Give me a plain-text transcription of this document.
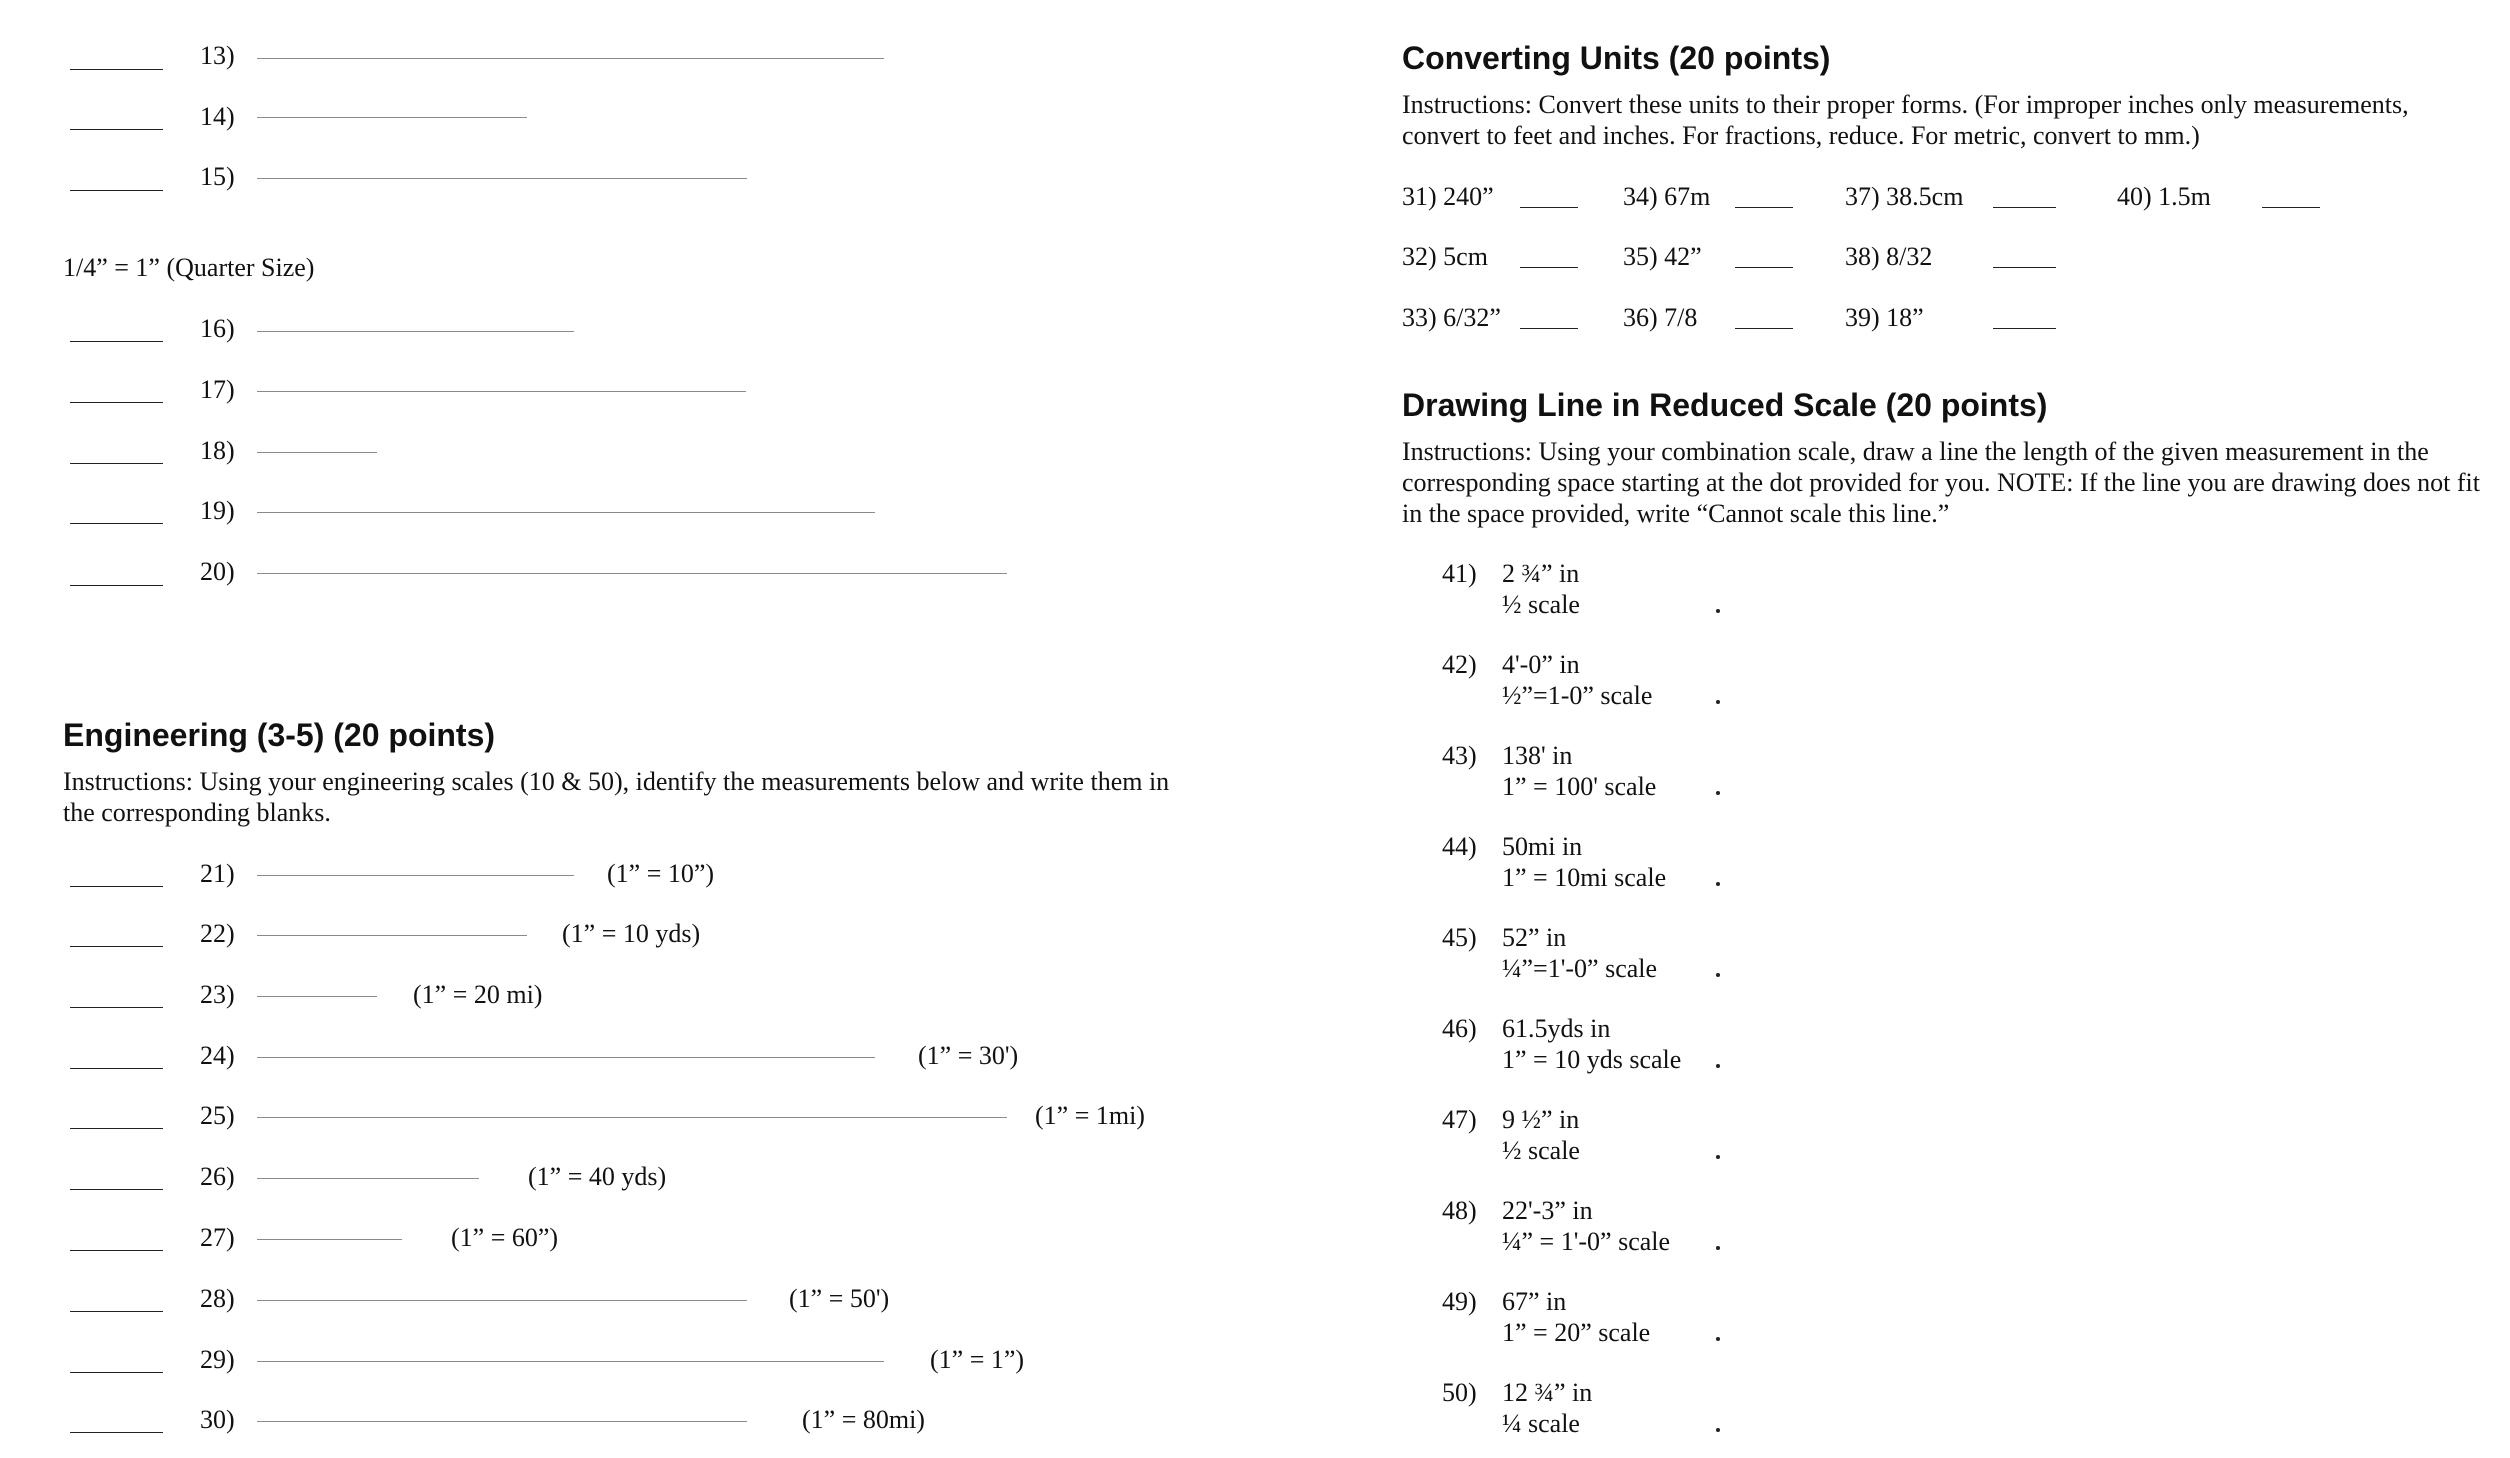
13)
14)
15)
1/4” = 1” (Quarter Size)
16)
17)
18)
19)
20)
Engineering (3-5) (20 points)
Instructions: Using your engineering scales (10 & 50), identify the measurements below and write them in the corresponding blanks.
21)	(1” = 10”)
22)	(1” = 10 yds)
23)	(1” = 20 mi)
24)	(1” = 30')
25)	(1” = 1mi)
26)	(1” = 40 yds)
27)	(1” = 60”)
28)	(1” = 50')
29)	(1” = 1”)
30)	(1” = 80mi)
Converting Units (20 points)
Instructions: Convert these units to their proper forms. (For improper inches only measurements, convert to feet and inches. For fractions, reduce. For metric, convert to mm.)
31) 240”	34) 67m	37) 38.5cm	40) 1.5m
32) 5cm	35) 42”	38) 8/32
33) 6/32”	36) 7/8	39) 18”
Drawing Line in Reduced Scale (20 points)
Instructions: Using your combination scale, draw a line the length of the given measurement in the corresponding space starting at the dot provided for you. NOTE: If the line you are drawing does not fit in the space provided, write “Cannot scale this line.”
41) 2 ¾” in
½ scale
42) 4'-0” in
½”=1-0” scale
43) 138' in
1” = 100' scale
44) 50mi in
1” = 10mi scale
45) 52” in
¼”=1'-0” scale
46) 61.5yds in
1” = 10 yds scale
47) 9 ½” in
½ scale
48) 22'-3” in
¼” = 1'-0” scale
49) 67” in
1” = 20” scale
50) 12 ¾” in
¼ scale
